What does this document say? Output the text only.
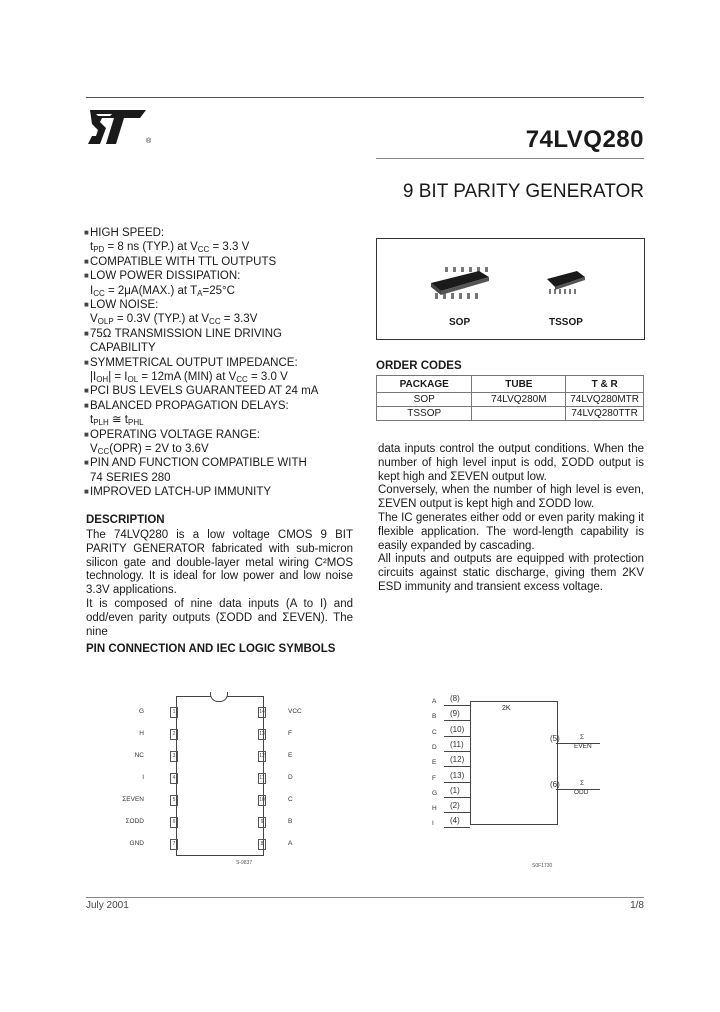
®	74LVQ280
9 BIT PARITY GENERATOR
■ HIGH SPEED:
$t_{PD} = 8$ ns (TYP.) at $V_{CC} = 3.3$ V
■ COMPATIBLE WITH TTL OUTPUTS
■ LOW POWER DISSIPATION:
$I_{CC} = 2\mu A(MAX.)$ at $T_A=25^\circ C$
■ LOW NOISE:
$V_{OLP} = 0.3V$ (TYP.) at $V_{CC} = 3.3V$
■ 75Ω TRANSMISSION LINE DRIVING
CAPABILITY
■ SYMMETRICAL OUTPUT IMPEDANCE:
$|I_{OH}| = I_{OL} = 12mA$ (MIN) at $V_{CC} = 3.0$ V
■ PCI BUS LEVELS GUARANTEED AT 24 mA
■ BALANCED PROPAGATION DELAYS:
$t_{PLH}$ ≅ $t_{PHL}$
■ OPERATING VOLTAGE RANGE:
$V_{CC}(OPR) = 2V$ to 3.6V
■ PIN AND FUNCTION COMPATIBLE WITH
74 SERIES 280
■ IMPROVED LATCH-UP IMMUNITY
SOP	TSSOP
ORDER CODES
PACKAGE	TUBE	T & R
SOP	74LVQ280M	74LVQ280MTR
TSSOP		74LVQ280TTR
DESCRIPTION
The 74LVQ280 is a low voltage CMOS 9 BIT PARITY GENERATOR fabricated with sub-micron silicon gate and double-layer metal wiring C²MOS technology. It is ideal for low power and low noise 3.3V applications.
It is composed of nine data inputs (A to I) and odd/even parity outputs (ΣODD and ΣEVEN). The nine
data inputs control the output conditions. When the number of high level input is odd, ΣODD output is kept high and ΣEVEN output low.
Conversely, when the number of high level is even, ΣEVEN output is kept high and ΣODD low.
The IC generates either odd or even parity making it flexible application. The word-length capability is easily expanded by cascading.
All inputs and outputs are equipped with protection circuits against static discharge, giving them 2KV ESD immunity and transient excess voltage.
PIN CONNECTION AND IEC LOGIC SYMBOLS
G	1	14	VCC
H	2	13	F
NC	3	12	E
I	4	11	D
ΣEVEN	5	10	C
ΣODD	6	9	B
GND	7	8	A
S-9837
2K
A (8)
B (9)
C (10)
D (11)
E (12)
F (13)
G (1)
H (2)
I (4)
(5)	Σ
EVEN
(6)	Σ
ODD
S0F1730
July 2001	1/8
